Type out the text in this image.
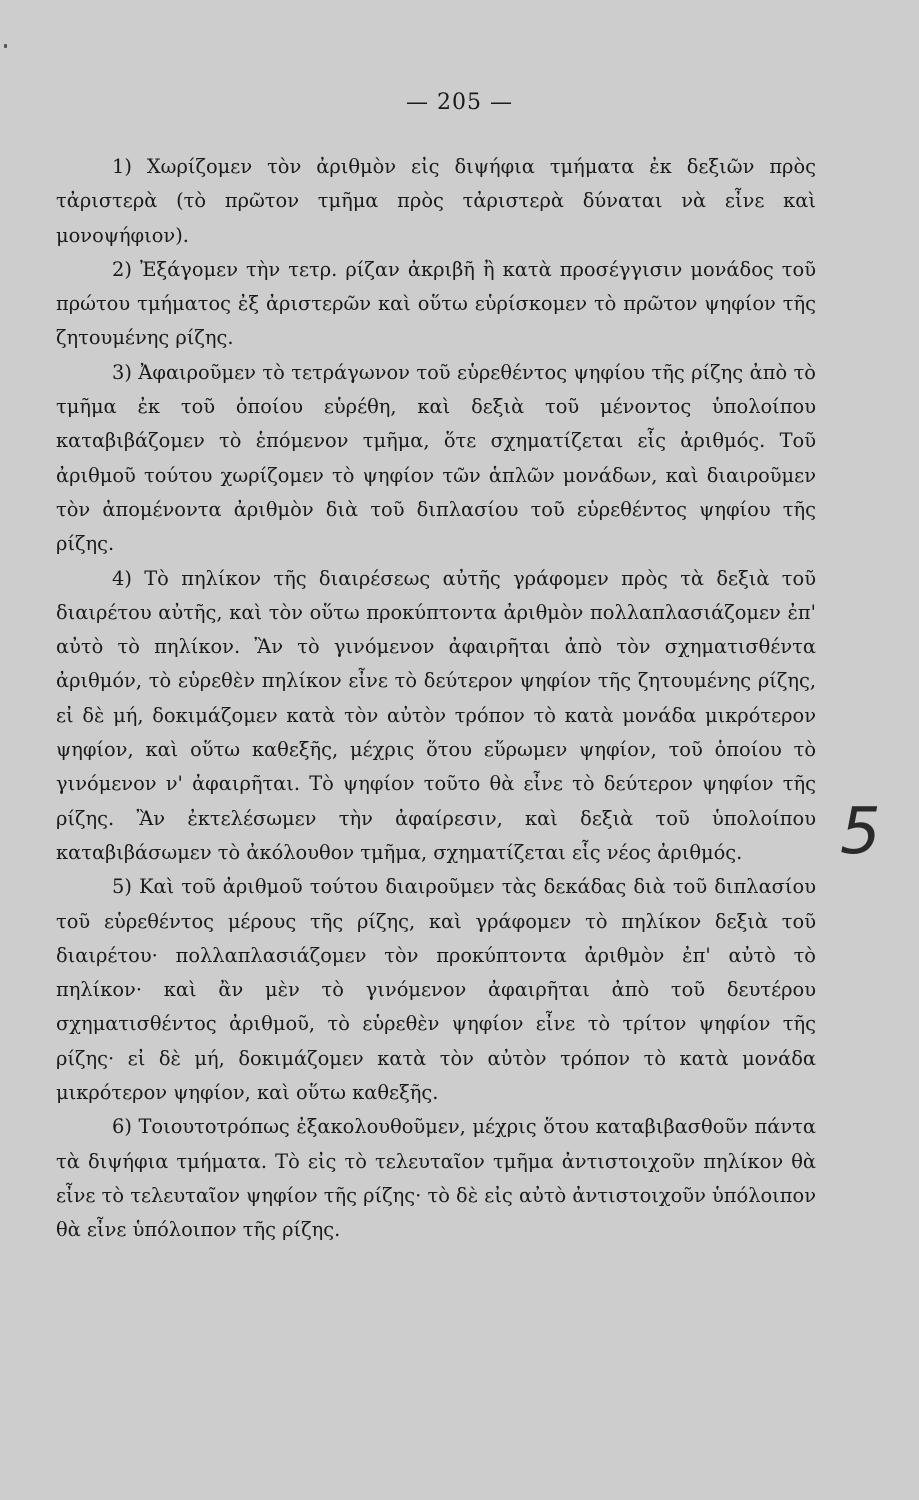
— 205 —

1) Χωρίζομεν τὸν ἀριθμὸν εἰς διψήφια τμήματα ἐκ δεξιῶν πρὸς τἀριστερὰ (τὸ πρῶτον τμῆμα πρὸς τἀριστερὰ δύναται νὰ εἶνε καὶ μονοψήφιον).

2) Ἐξάγομεν τὴν τετρ. ρίζαν ἀκριβῆ ἢ κατὰ προσέγγισιν μονάδος τοῦ πρώτου τμήματος ἐξ ἀριστερῶν καὶ οὕτω εὑρίσκομεν τὸ πρῶτον ψηφίον τῆς ζητουμένης ρίζης.

3) Ἀφαιροῦμεν τὸ τετράγωνον τοῦ εὑρεθέντος ψηφίου τῆς ρίζης ἀπὸ τὸ τμῆμα ἐκ τοῦ ὁποίου εὑρέθη, καὶ δεξιὰ τοῦ μένοντος ὑπολοίπου καταβιβάζομεν τὸ ἑπόμενον τμῆμα, ὅτε σχηματίζεται εἷς ἀριθμός. Τοῦ ἀριθμοῦ τούτου χωρίζομεν τὸ ψηφίον τῶν ἁπλῶν μονάδων, καὶ διαιροῦμεν τὸν ἀπομένοντα ἀριθμὸν διὰ τοῦ διπλασίου τοῦ εὑρεθέντος ψηφίου τῆς ρίζης.

4) Τὸ πηλίκον τῆς διαιρέσεως αὐτῆς γράφομεν πρὸς τὰ δεξιὰ τοῦ διαιρέτου αὐτῆς, καὶ τὸν οὕτω προκύπτοντα ἀριθμὸν πολλαπλασιάζομεν ἐπ' αὐτὸ τὸ πηλίκον. Ἂν τὸ γινόμενον ἀφαιρῆται ἀπὸ τὸν σχηματισθέντα ἀριθμόν, τὸ εὑρεθὲν πηλίκον εἶνε τὸ δεύτερον ψηφίον τῆς ζητουμένης ρίζης, εἰ δὲ μή, δοκιμάζομεν κατὰ τὸν αὐτὸν τρόπον τὸ κατὰ μονάδα μικρότερον ψηφίον, καὶ οὕτω καθεξῆς, μέχρις ὅτου εὕρωμεν ψηφίον, τοῦ ὁποίου τὸ γινόμενον ν' ἀφαιρῆται. Τὸ ψηφίον τοῦτο θὰ εἶνε τὸ δεύτερον ψηφίον τῆς ρίζης. Ἂν ἐκτελέσωμεν τὴν ἀφαίρεσιν, καὶ δεξιὰ τοῦ ὑπολοίπου καταβιβάσωμεν τὸ ἀκόλουθον τμῆμα, σχηματίζεται εἷς νέος ἀριθμός.

5) Καὶ τοῦ ἀριθμοῦ τούτου διαιροῦμεν τὰς δεκάδας διὰ τοῦ διπλασίου τοῦ εὑρεθέντος μέρους τῆς ρίζης, καὶ γράφομεν τὸ πηλίκον δεξιὰ τοῦ διαιρέτου· πολλαπλασιάζομεν τὸν προκύπτοντα ἀριθμὸν ἐπ' αὐτὸ τὸ πηλίκον· καὶ ἂν μὲν τὸ γινόμενον ἀφαιρῆται ἀπὸ τοῦ δευτέρου σχηματισθέντος ἀριθμοῦ, τὸ εὑρεθὲν ψηφίον εἶνε τὸ τρίτον ψηφίον τῆς ρίζης· εἰ δὲ μή, δοκιμάζομεν κατὰ τὸν αὐτὸν τρόπον τὸ κατὰ μονάδα μικρότερον ψηφίον, καὶ οὕτω καθεξῆς.

6) Τοιουτοτρόπως ἐξακολουθοῦμεν, μέχρις ὅτου καταβιβασθοῦν πάντα τὰ διψήφια τμήματα. Τὸ εἰς τὸ τελευταῖον τμῆμα ἀντιστοιχοῦν πηλίκον θὰ εἶνε τὸ τελευταῖον ψηφίον τῆς ρίζης· τὸ δὲ εἰς αὐτὸ ἀντιστοιχοῦν ὑπόλοιπον θὰ εἶνε ὑπόλοιπον τῆς ρίζης.

5
